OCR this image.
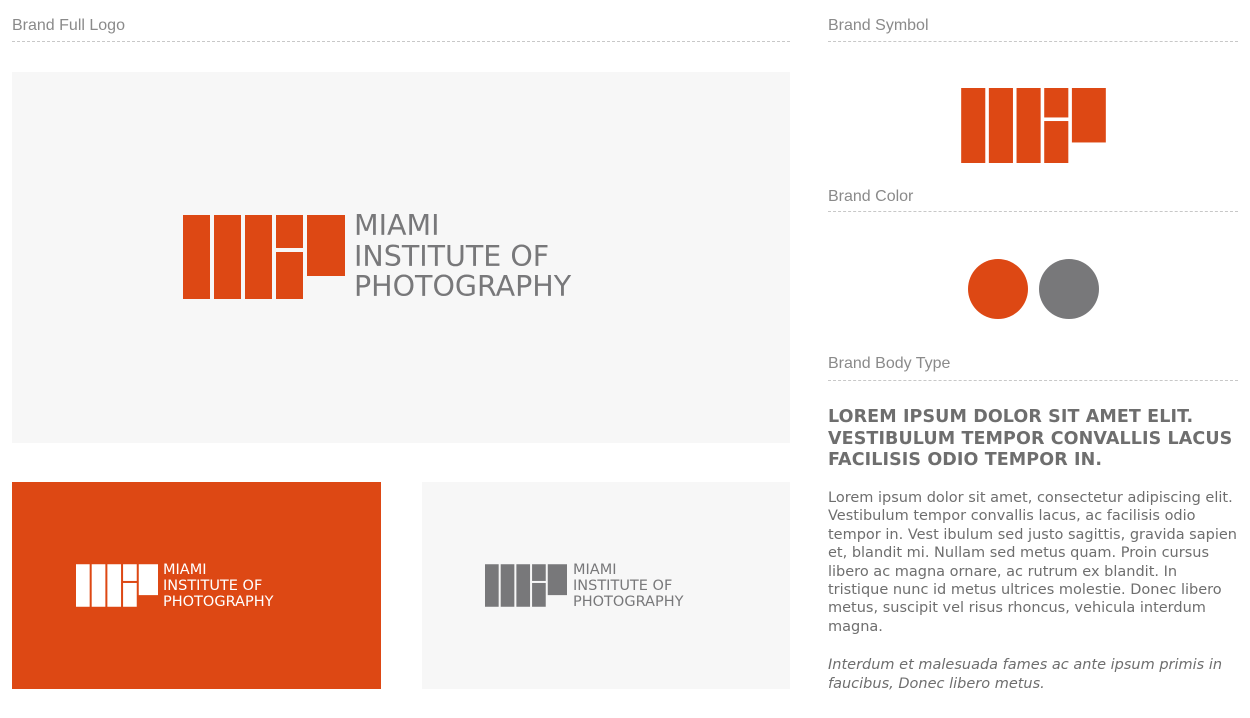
Brand Full Logo	Brand Symbol
Brand Color
Brand Body Type
MIAMI
INSTITUTE OF
PHOTOGRAPHY
MIAMI
INSTITUTE OF
PHOTOGRAPHY
MIAMI
INSTITUTE OF
PHOTOGRAPHY
LOREM IPSUM DOLOR SIT AMET ELIT.
VESTIBULUM TEMPOR CONVALLIS LACUS
FACILISIS ODIO TEMPOR IN.
Lorem ipsum dolor sit amet, consectetur adipiscing elit. Vestibulum tempor convallis lacus, ac facilisis odio tempor in. Vest ibulum sed justo sagittis, gravida sapien et, blandit mi. Nullam sed metus quam. Proin cursus libero ac magna ornare, ac rutrum ex blandit. In tristique nunc id metus ultrices molestie. Donec libero metus, suscipit vel risus rhoncus, vehicula interdum magna.
Interdum et malesuada fames ac ante ipsum primis in faucibus, Donec libero metus.
